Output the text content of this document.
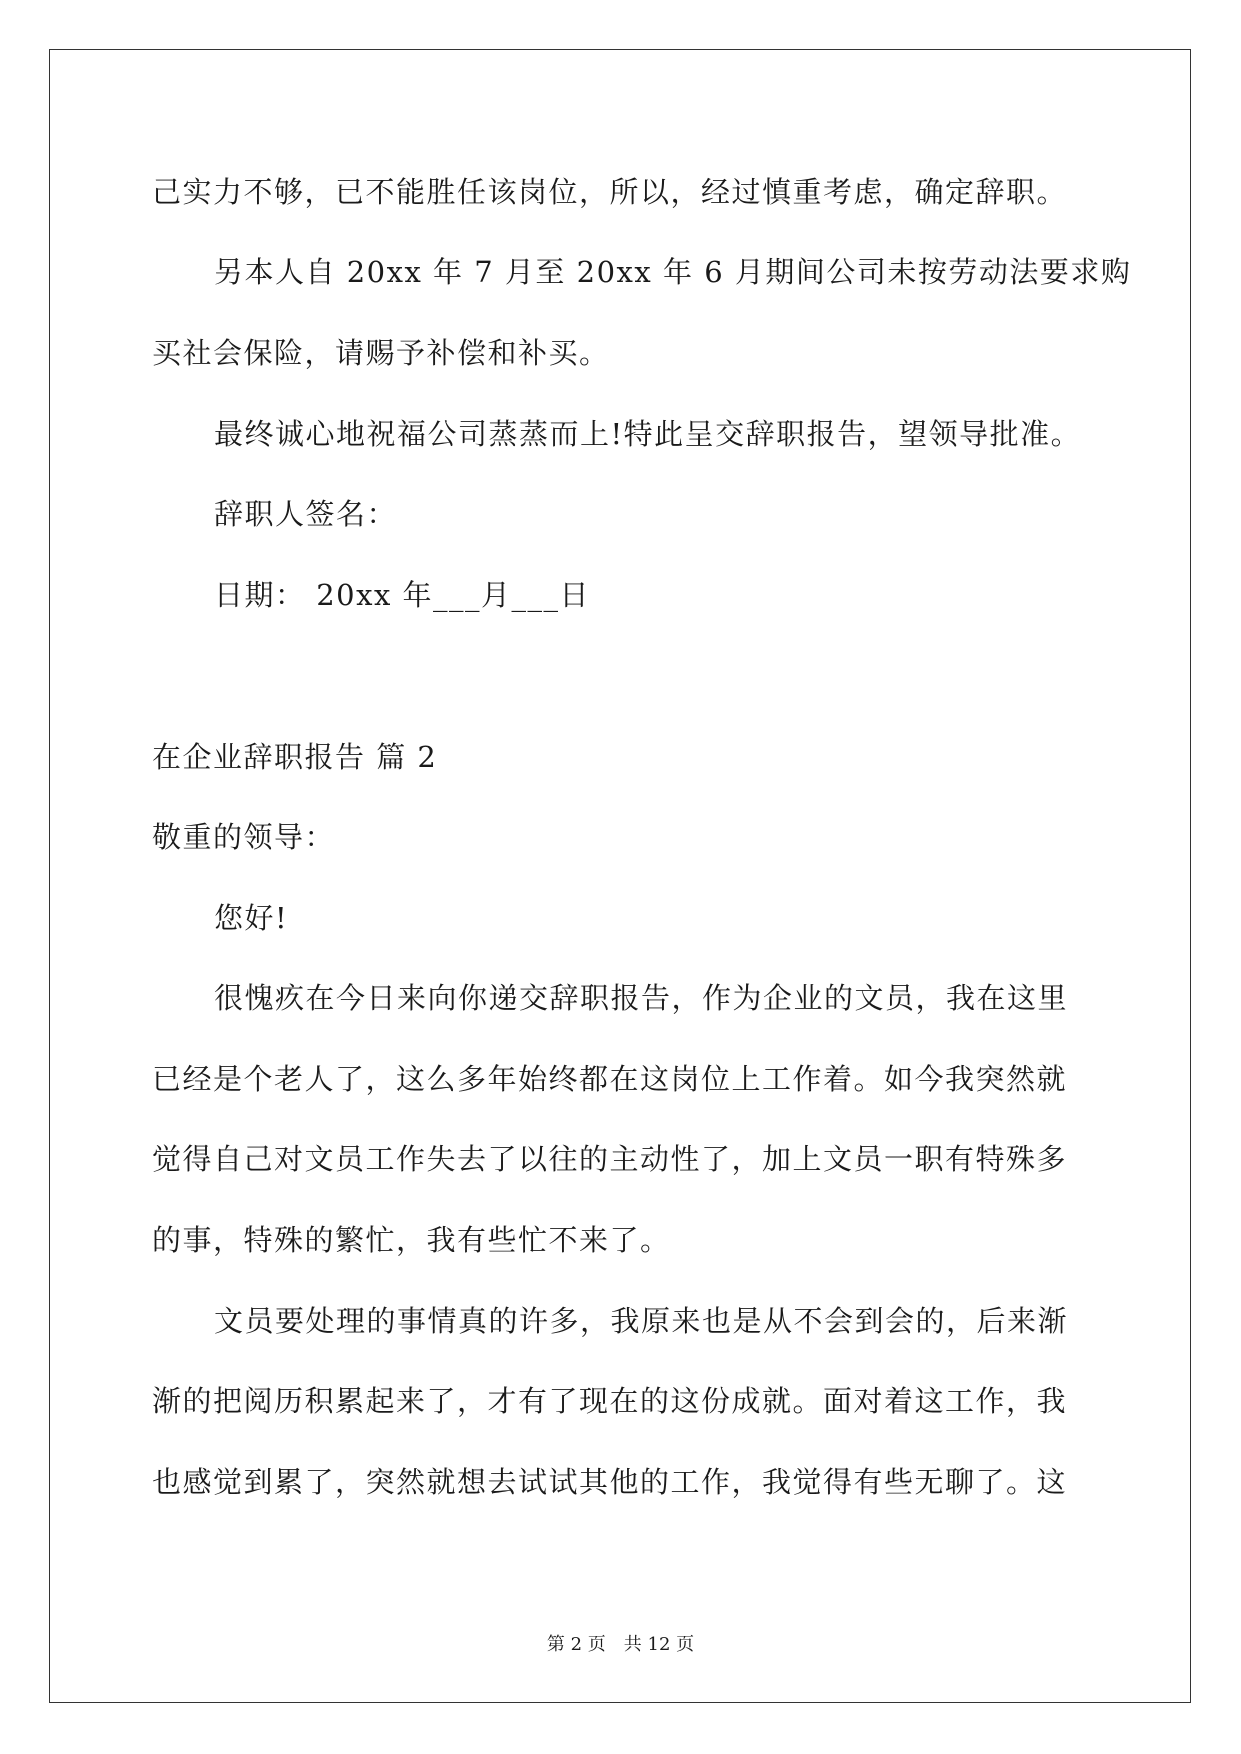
己实力不够，已不能胜任该岗位，所以，经过慎重考虑，确定辞职。
另本人自 20xx 年 7 月至 20xx 年 6 月期间公司未按劳动法要求购
买社会保险，请赐予补偿和补买。
最终诚心地祝福公司蒸蒸而上!特此呈交辞职报告，望领导批准。
辞职人签名：
日期： 20xx 年___月___日
在企业辞职报告 篇 2
敬重的领导：
您好!
很愧疚在今日来向你递交辞职报告，作为企业的文员，我在这里
已经是个老人了，这么多年始终都在这岗位上工作着。如今我突然就
觉得自己对文员工作失去了以往的主动性了，加上文员一职有特殊多
的事，特殊的繁忙，我有些忙不来了。
文员要处理的事情真的许多，我原来也是从不会到会的，后来渐
渐的把阅历积累起来了，才有了现在的这份成就。面对着这工作，我
也感觉到累了，突然就想去试试其他的工作，我觉得有些无聊了。这
第 2 页 共 12 页
